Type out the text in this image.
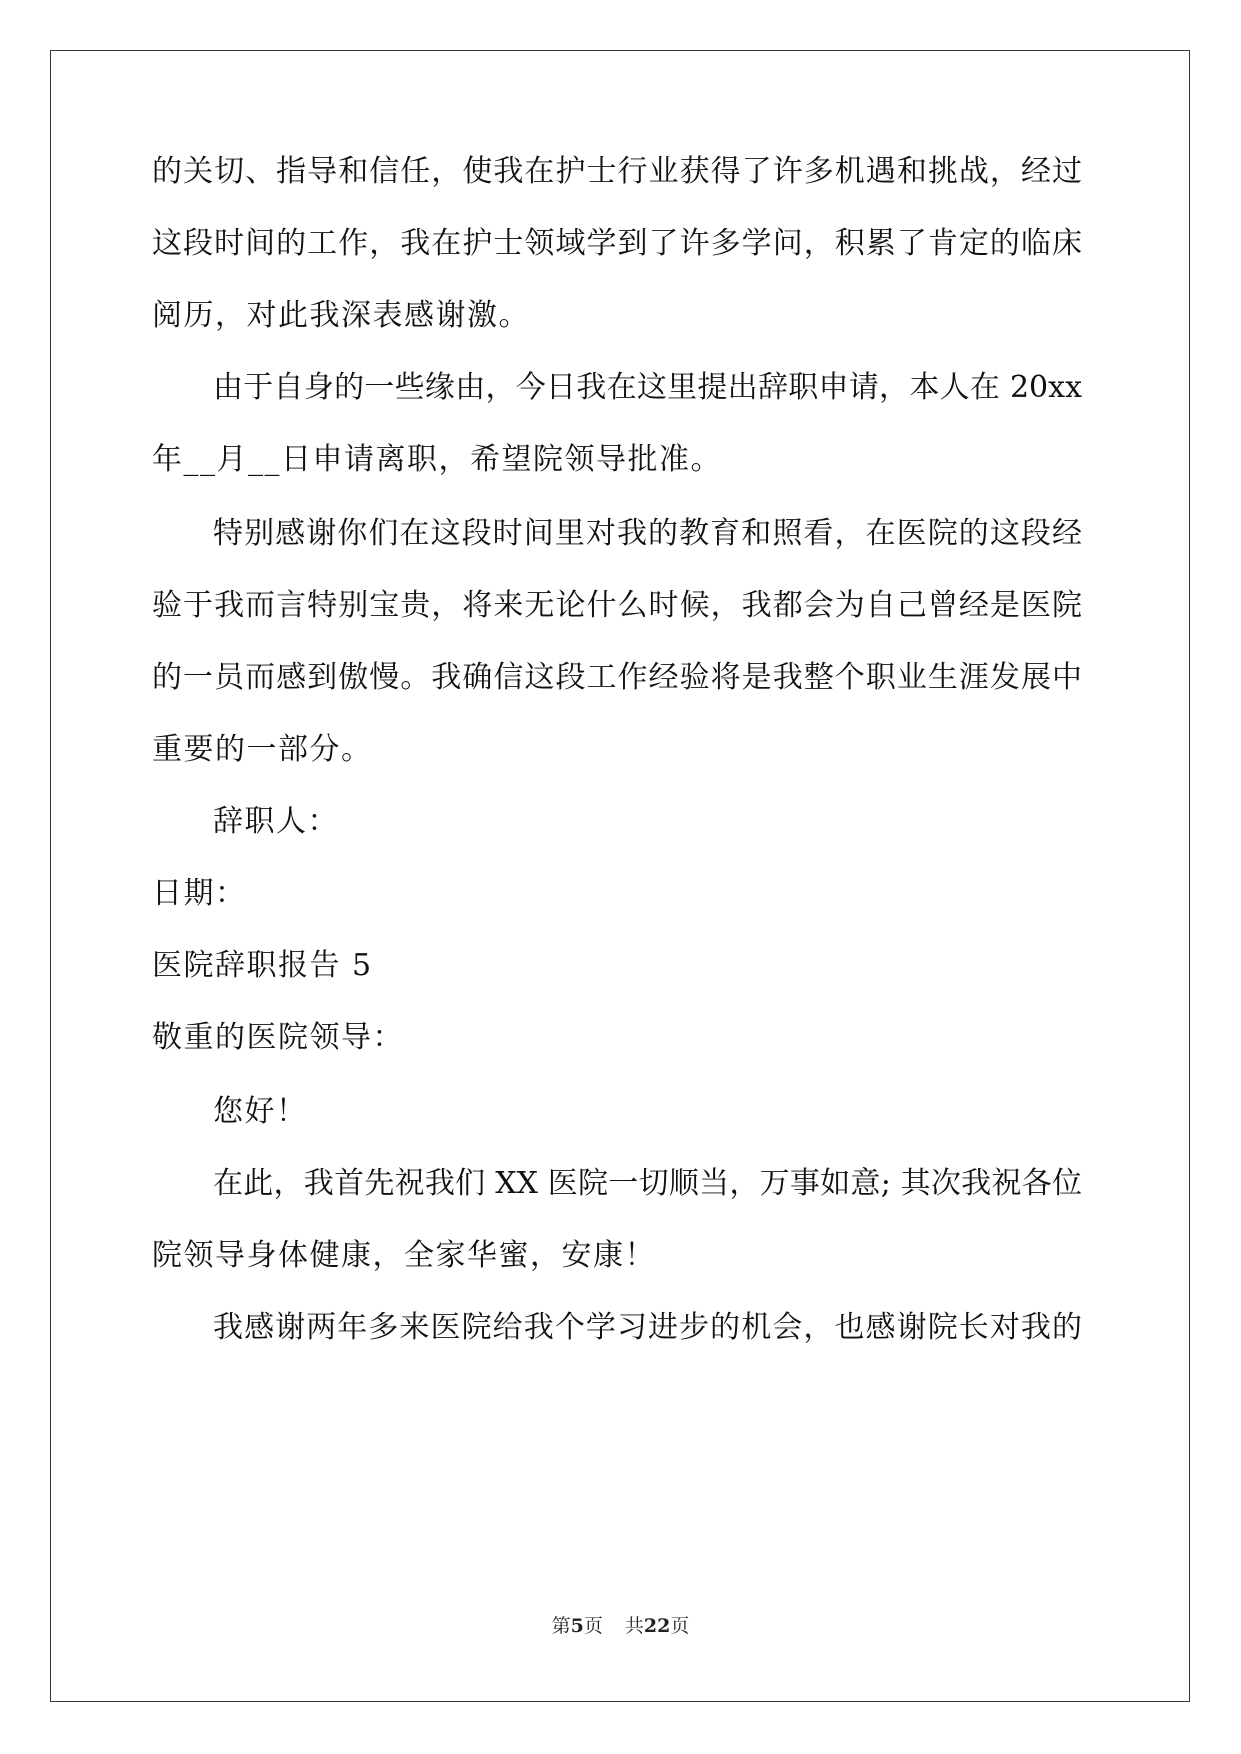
的关切、指导和信任，使我在护士行业获得了许多机遇和挑战，经过
这段时间的工作，我在护士领域学到了许多学问，积累了肯定的临床
阅历，对此我深表感谢激。
由于自身的一些缘由，今日我在这里提出辞职申请，本人在 20xx
年__月__日申请离职，希望院领导批准。
特别感谢你们在这段时间里对我的教育和照看，在医院的这段经
验于我而言特别宝贵，将来无论什么时候，我都会为自己曾经是医院
的一员而感到傲慢。我确信这段工作经验将是我整个职业生涯发展中
重要的一部分。
辞职人：
日期：
医院辞职报告 5
敬重的医院领导：
您好！
在此，我首先祝我们 XX 医院一切顺当，万事如意; 其次我祝各位
院领导身体健康，全家华蜜，安康！
我感谢两年多来医院给我个学习进步的机会，也感谢院长对我的
第5页 共22页
